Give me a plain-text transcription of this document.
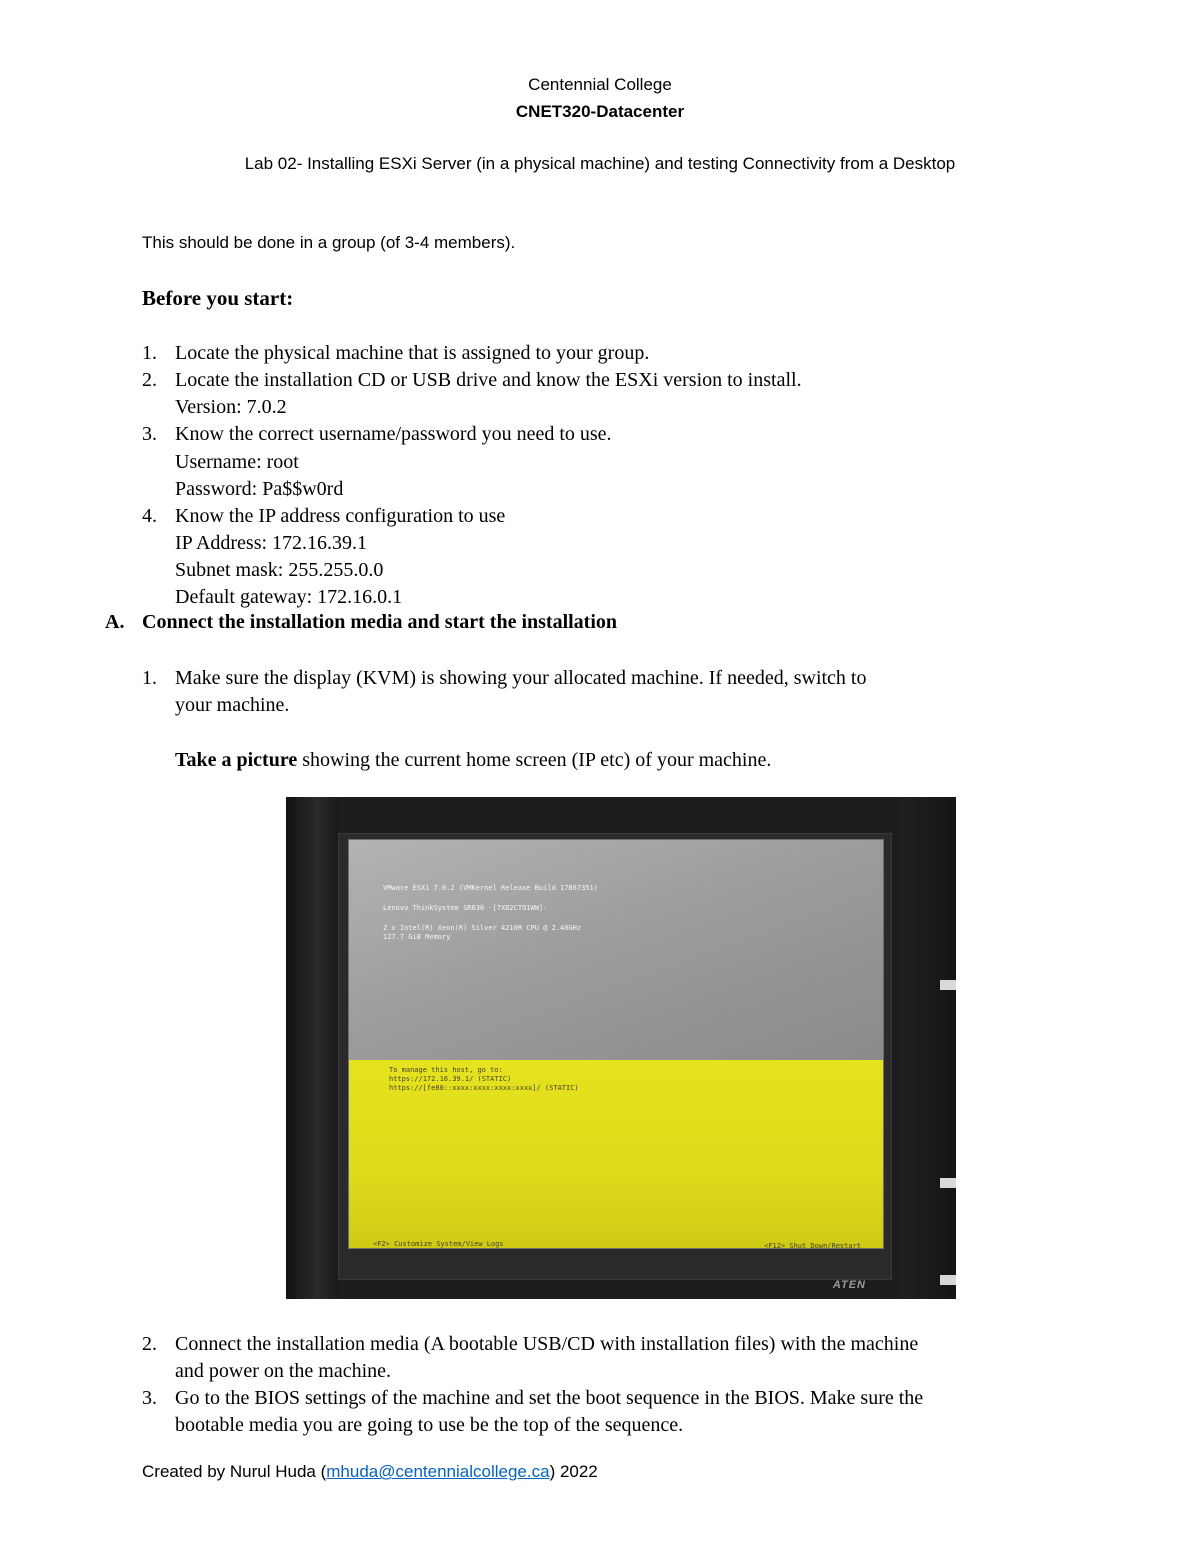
Centennial College
CNET320-Datacenter
Lab 02- Installing ESXi Server (in a physical machine) and testing Connectivity from a Desktop
This should be done in a group (of 3-4 members).
Before you start:
1. Locate the physical machine that is assigned to your group.
2. Locate the installation CD or USB drive and know the ESXi version to install.
Version: 7.0.2
3. Know the correct username/password you need to use.
Username: root
Password: Pa$$w0rd
4. Know the IP address configuration to use
IP Address: 172.16.39.1
Subnet mask: 255.255.0.0
Default gateway: 172.16.0.1
A. Connect the installation media and start the installation
1. Make sure the display (KVM) is showing your allocated machine. If needed, switch to
your machine.
Take a picture showing the current home screen (IP etc) of your machine.
VMware ESXi 7.0.2 (VMKernel Release Build 17867351)
Lenovo ThinkSystem SR630 -[7X02CTO1WW]-
2 x Intel(R) Xeon(R) Silver 4210R CPU @ 2.40GHz
127.7 GiB Memory
To manage this host, go to:
https://172.16.39.1/ (STATIC)
https://[fe80::xxxx:xxxx:xxxx:xxxx]/ (STATIC)
<F2> Customize System/View Logs	<F12> Shut Down/Restart
ATEN
2. Connect the installation media (A bootable USB/CD with installation files) with the machine
and power on the machine.
3. Go to the BIOS settings of the machine and set the boot sequence in the BIOS. Make sure the
bootable media you are going to use be the top of the sequence.
Created by Nurul Huda (mhuda@centennialcollege.ca) 2022
